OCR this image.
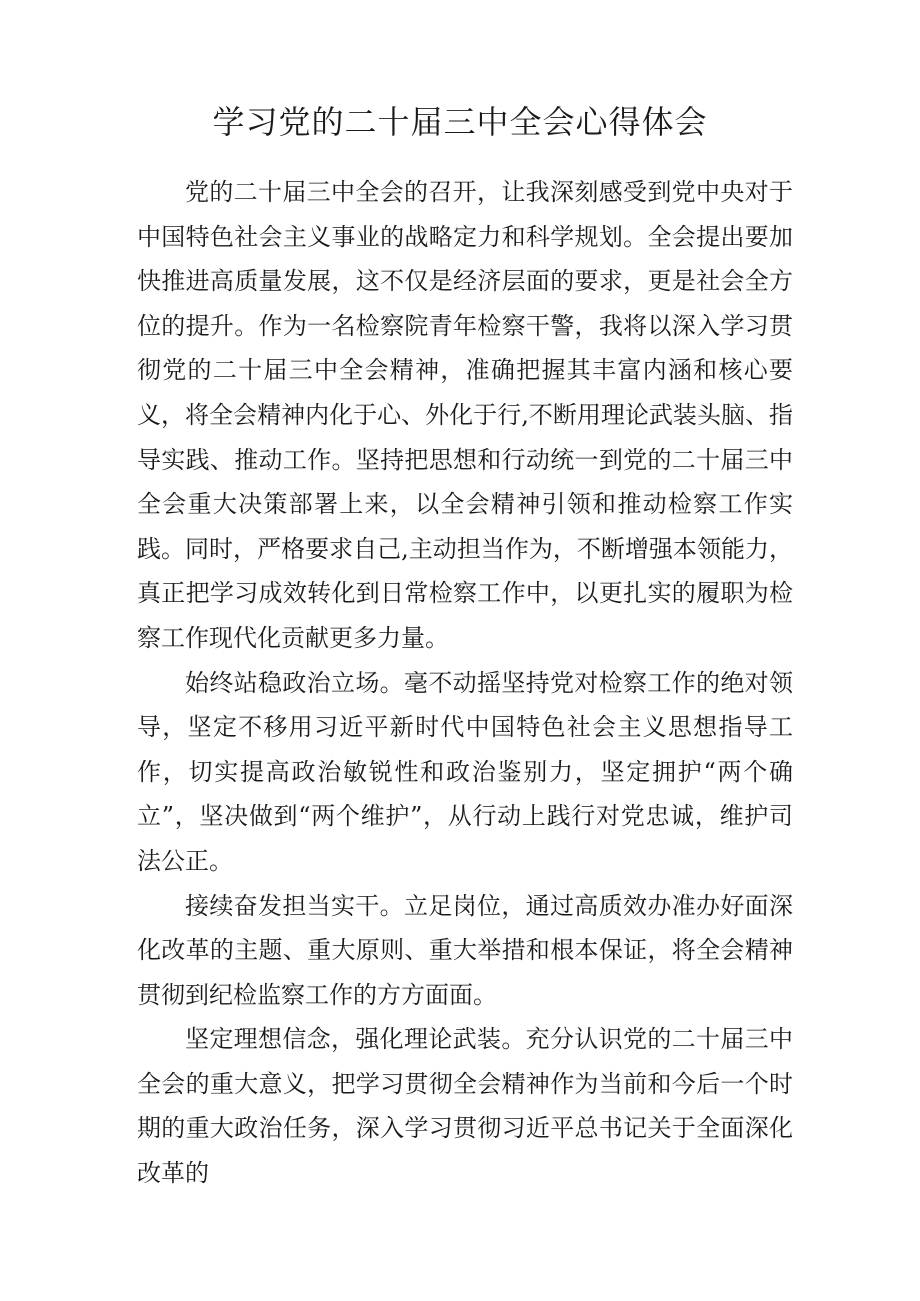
学习党的二十届三中全会心得体会

党的二十届三中全会的召开，让我深刻感受到党中央对于中国特色社会主义事业的战略定力和科学规划。全会提出要加快推进高质量发展，这不仅是经济层面的要求，更是社会全方位的提升。作为一名检察院青年检察干警，我将以深入学习贯彻党的二十届三中全会精神，准确把握其丰富内涵和核心要义，将全会精神内化于心、外化于行,不断用理论武装头脑、指导实践、推动工作。坚持把思想和行动统一到党的二十届三中全会重大决策部署上来，以全会精神引领和推动检察工作实践。同时，严格要求自己,主动担当作为，不断增强本领能力，真正把学习成效转化到日常检察工作中，以更扎实的履职为检察工作现代化贡献更多力量。

始终站稳政治立场。毫不动摇坚持党对检察工作的绝对领导，坚定不移用习近平新时代中国特色社会主义思想指导工作，切实提高政治敏锐性和政治鉴别力，坚定拥护“两个确立”，坚决做到“两个维护”，从行动上践行对党忠诚，维护司法公正。

接续奋发担当实干。立足岗位，通过高质效办准办好面深化改革的主题、重大原则、重大举措和根本保证，将全会精神贯彻到纪检监察工作的方方面面。

坚定理想信念，强化理论武装。充分认识党的二十届三中全会的重大意义，把学习贯彻全会精神作为当前和今后一个时期的重大政治任务，深入学习贯彻习近平总书记关于全面深化改革的
